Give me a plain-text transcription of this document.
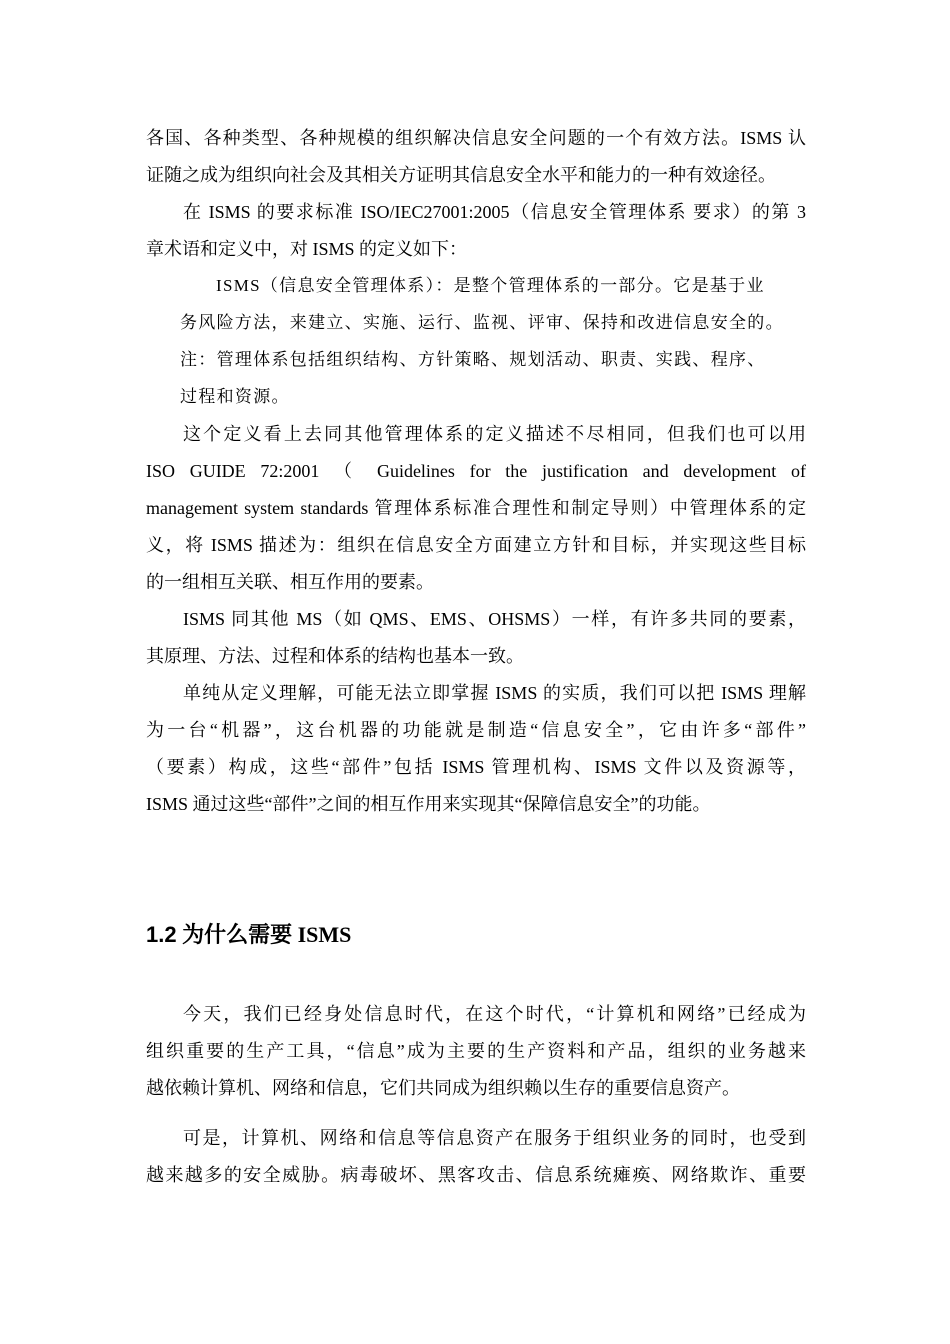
各国、各种类型、各种规模的组织解决信息安全问题的一个有效方法。ISMS 认
证随之成为组织向社会及其相关方证明其信息安全水平和能力的一种有效途径。
在 ISMS 的要求标准 ISO/IEC27001:2005（信息安全管理体系 要求）的第 3
章术语和定义中，对 ISMS 的定义如下：
ISMS（信息安全管理体系）：是整个管理体系的一部分。它是基于业
务风险方法，来建立、实施、运行、监视、评审、保持和改进信息安全的。
注：管理体系包括组织结构、方针策略、规划活动、职责、实践、程序、
过程和资源。
这个定义看上去同其他管理体系的定义描述不尽相同，但我们也可以用
ISO GUIDE 72:2001 （ Guidelines for the justification and development of
management system standards 管理体系标准合理性和制定导则）中管理体系的定
义，将 ISMS 描述为：组织在信息安全方面建立方针和目标，并实现这些目标
的一组相互关联、相互作用的要素。
ISMS 同其他 MS（如 QMS、EMS、OHSMS）一样，有许多共同的要素，
其原理、方法、过程和体系的结构也基本一致。
单纯从定义理解，可能无法立即掌握 ISMS 的实质，我们可以把 ISMS 理解
为一台“机器”，这台机器的功能就是制造“信息安全”，它由许多“部件”
（要素）构成，这些“部件”包括 ISMS 管理机构、ISMS 文件以及资源等，
ISMS 通过这些“部件”之间的相互作用来实现其“保障信息安全”的功能。
1.2 为什么需要 ISMS
今天，我们已经身处信息时代，在这个时代，“计算机和网络”已经成为
组织重要的生产工具，“信息”成为主要的生产资料和产品，组织的业务越来
越依赖计算机、网络和信息，它们共同成为组织赖以生存的重要信息资产。
可是，计算机、网络和信息等信息资产在服务于组织业务的同时，也受到
越来越多的安全威胁。病毒破坏、黑客攻击、信息系统瘫痪、网络欺诈、重要
